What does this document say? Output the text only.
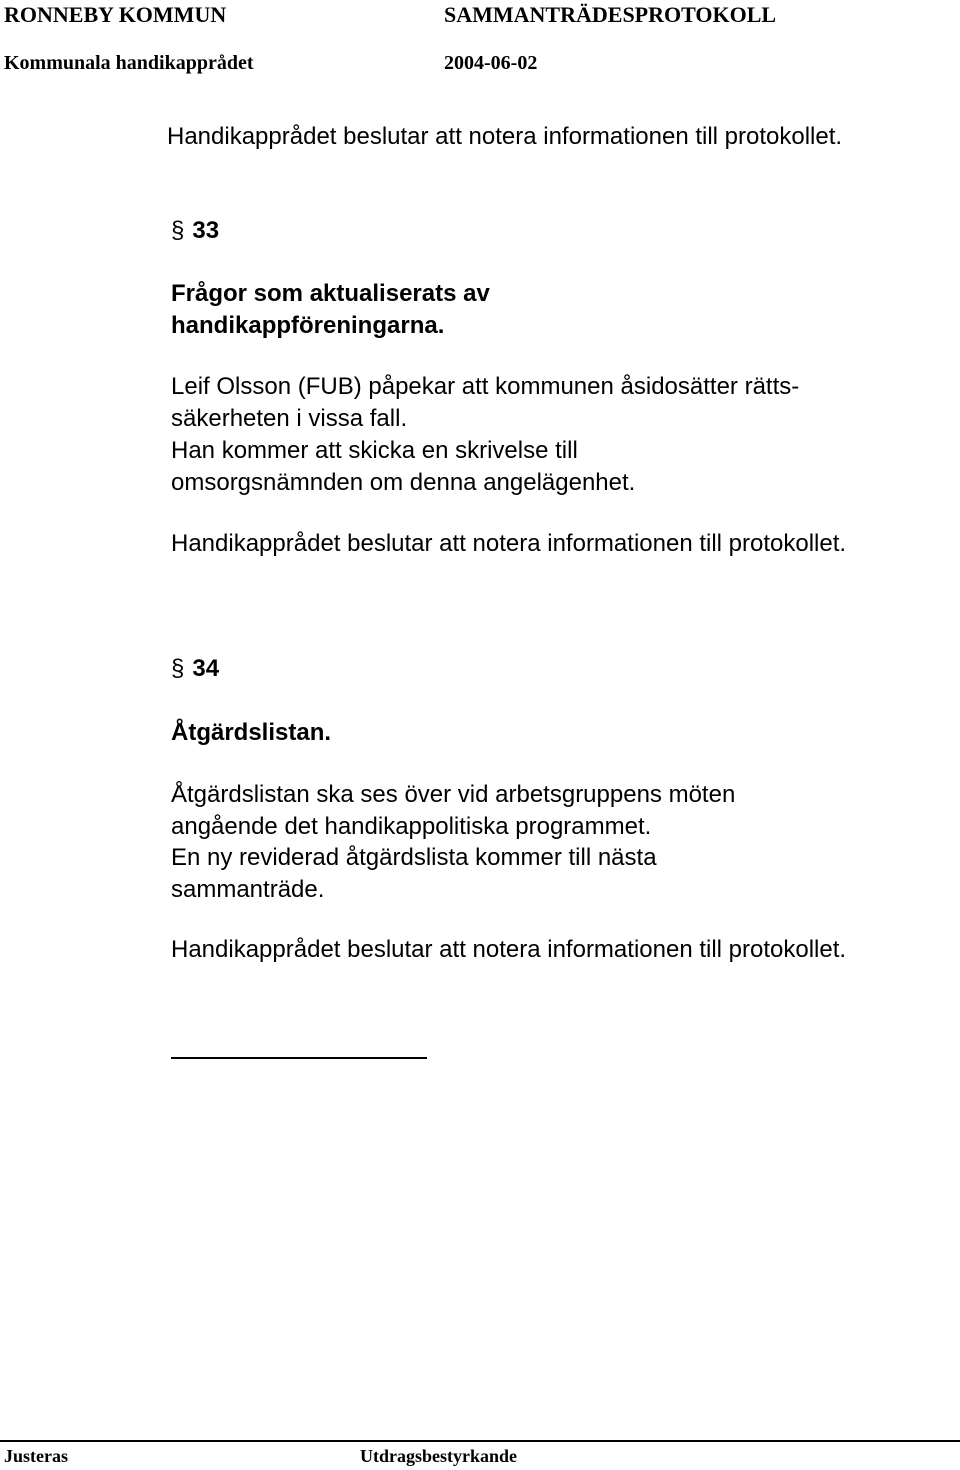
RONNEBY KOMMUN	SAMMANTRÄDESPROTOKOLL
Kommunala handikapprådet	2004-06-02

Handikapprådet beslutar att notera informationen till protokollet.

§ 33

Frågor som aktualiserats av handikappföreningarna.

Leif Olsson (FUB) påpekar att kommunen åsidosätter rätts- säkerheten i vissa fall.

Han kommer att skicka en skrivelse till omsorgsnämnden om denna angelägenhet.

Handikapprådet beslutar att notera informationen till protokollet.

§ 34

Åtgärdslistan.

Åtgärdslistan ska ses över vid arbetsgruppens möten angående det handikappolitiska programmet.

En ny reviderad åtgärdslista kommer till nästa sammanträde.

Handikapprådet beslutar att notera informationen till protokollet.

Justeras	Utdragsbestyrkande
